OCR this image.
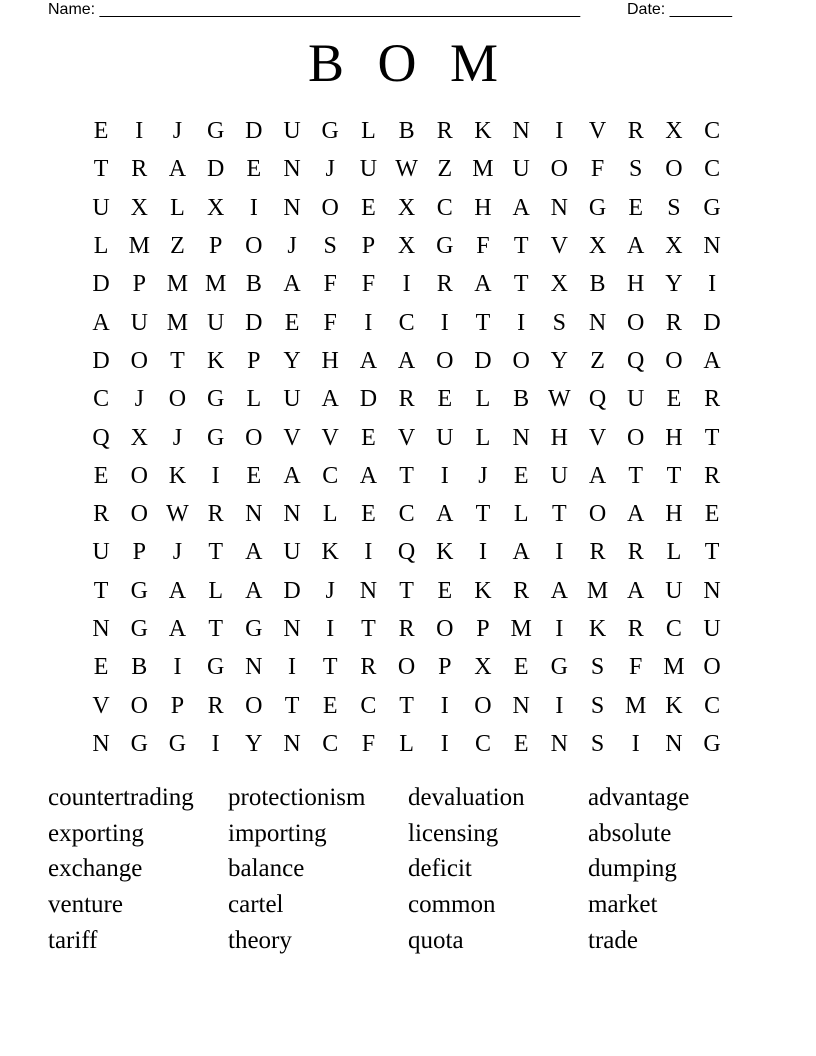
Name: ______________________________________________________	Date: _______
B O M
E	I	J	G D U G L B R K N	I	V R X C
T R A D E N	J	U W Z M U O F	S O C
U X L X	I	N O E X C H A N G E	S G
L M Z	P O	J	S	P X G F	T V X A X N
D P M M B A F	F	I	R A T X B H Y	I
A U M U D E	F	I	C	I	T	I	S N O R D
D O T K P Y H A A O D O Y Z Q O A
C	J	O G L U A D R E L B W Q U E R
Q X	J	G O V V E V U L N H V O H T
E O K	I	E A C A T	I	J	E U A T T R
R O W R N N L E C A T L T O A H E
U P	J	T A U K	I	Q K	I	A	I	R R L T
T G A L A D	J	N T E K R A M A U N
N G A T G N	I	T R O P M I	K R C U
E B	I	G N	I	T R O P X E G S	F M O
V O P R O T E C T	I	O N	I	S M K C
N G G	I	Y N C F	L	I	C E N S	I	N G
countertrading	protectionism	devaluation	advantage
exporting	importing	licensing	absolute
exchange	balance	deficit	dumping
venture	cartel	common	market
tariff	theory	quota	trade
